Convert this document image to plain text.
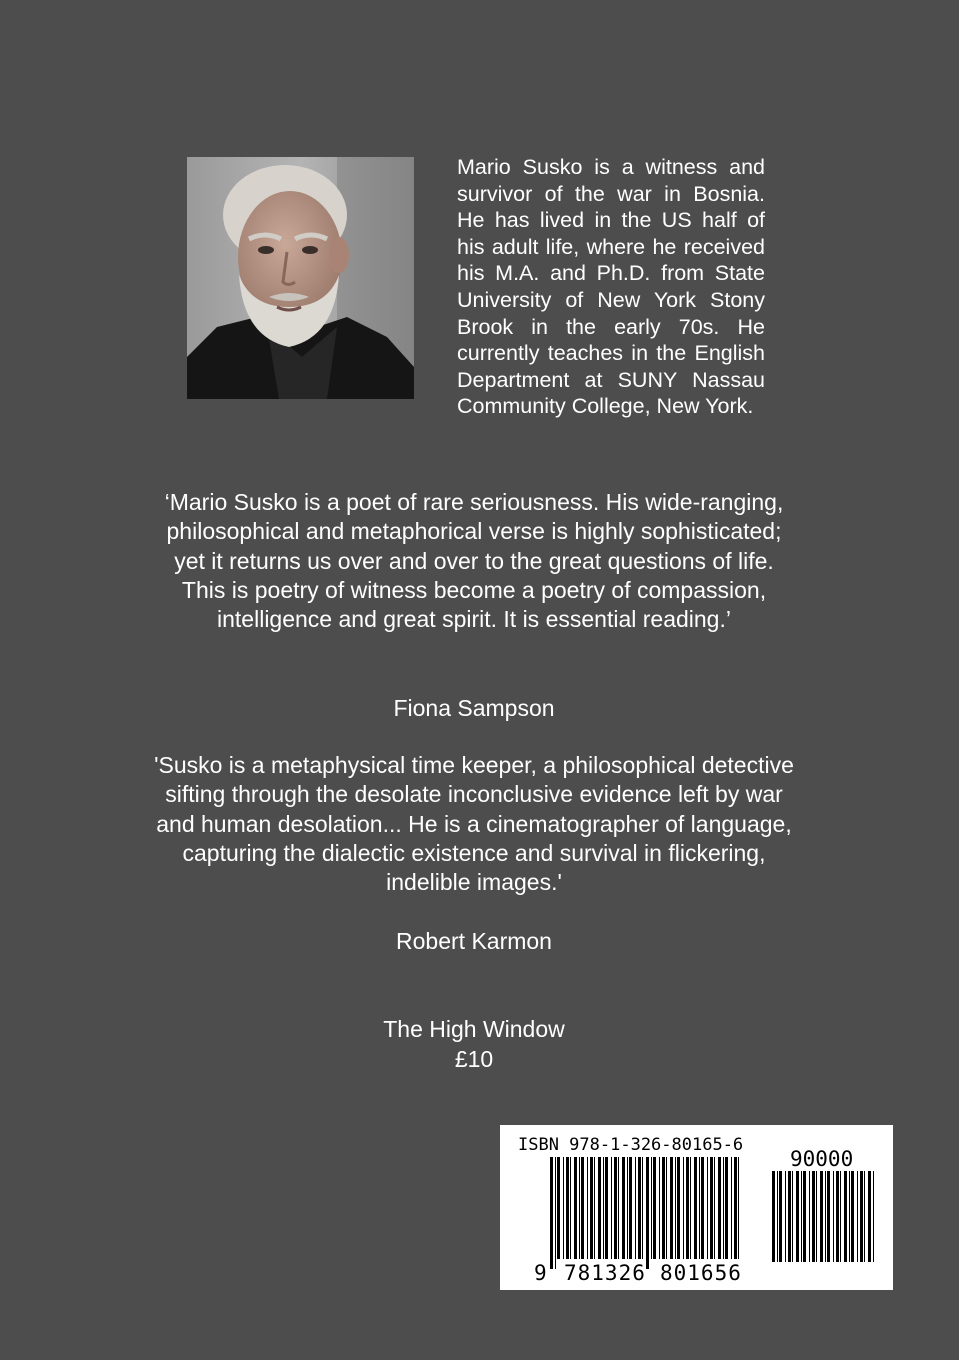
Mario Susko is a witness and survivor of the war in Bosnia. He has lived in the US half of his adult life, where he received his M.A. and Ph.D. from State University of New York Stony Brook in the early 70s. He currently teaches in the English Department at SUNY Nassau Community College, New York.
‘Mario Susko is a poet of rare seriousness. His wide-ranging, philosophical and metaphorical verse is highly sophisticated; yet it returns us over and over to the great questions of life. This is poetry of witness become a poetry of compassion, intelligence and great spirit. It is essential reading.’
Fiona Sampson
'Susko is a metaphysical time keeper, a philosophical detective sifting through the desolate inconclusive evidence left by war and human desolation... He is a cinematographer of language, capturing the dialectic existence and survival in flickering, indelible images.'
Robert Karmon
The High Window
£10
ISBN 978-1-326-80165-6
90000
9 781326 801656
